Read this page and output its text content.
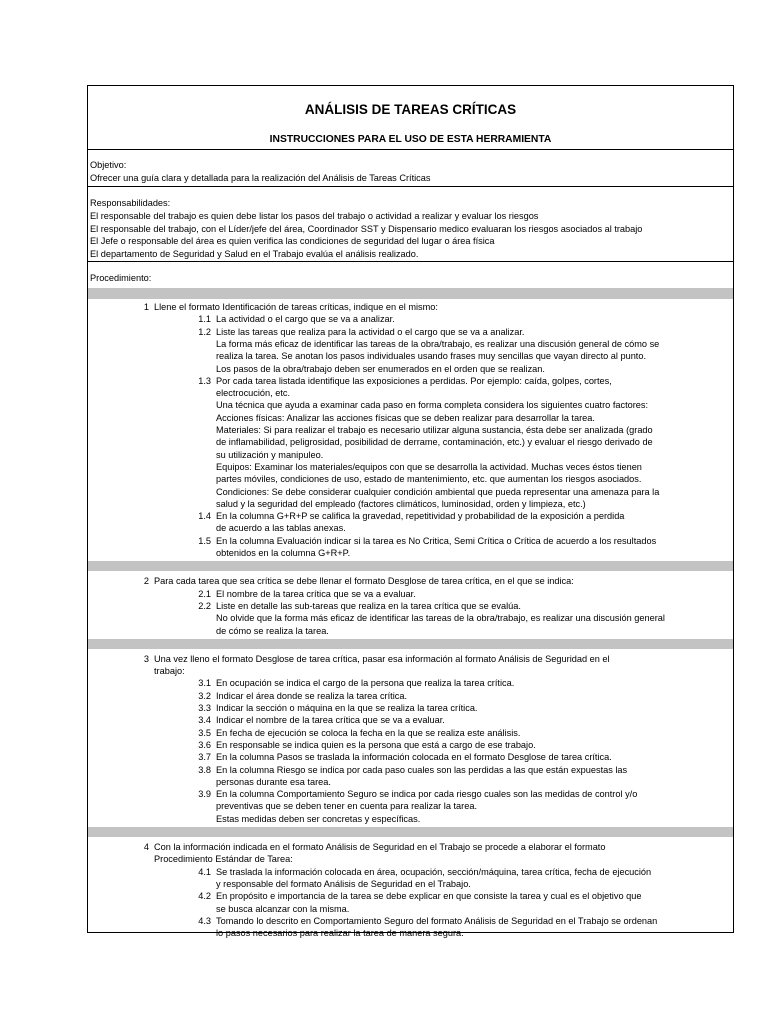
ANÁLISIS DE TAREAS CRÍTICAS
INSTRUCCIONES PARA EL USO DE ESTA HERRAMIENTA
Objetivo:
Ofrecer una guía clara y detallada para la realización del Análisis de Tareas Críticas
Responsabilidades:
El responsable del trabajo es quien debe listar los pasos del trabajo o actividad a realizar y evaluar los riesgos
El responsable del trabajo, con el Líder/jefe del área, Coordinador SST y Dispensario medico evaluaran los riesgos asociados al trabajo
El Jefe o responsable del área es quien verifica las condiciones de seguridad del lugar o área física
El departamento de Seguridad y Salud en el Trabajo evalúa el análisis realizado.
Procedimiento:
1 Llene el formato Identificación de tareas críticas, indique en el mismo:
1.1 La actividad o el cargo que se va a analizar.
1.2 Liste las tareas que realiza para la actividad o el cargo que se va a analizar.
La forma más eficaz de identificar las tareas de la obra/trabajo, es realizar una discusión general de cómo se
realiza la tarea. Se anotan los pasos individuales usando frases muy sencillas que vayan directo al punto.
Los pasos de la obra/trabajo deben ser enumerados en el orden que se realizan.
1.3 Por cada tarea listada identifique las exposiciones a perdidas. Por ejemplo: caída, golpes, cortes,
electrocución, etc.
Una técnica que ayuda a examinar cada paso en forma completa considera los siguientes cuatro factores:
Acciones físicas: Analizar las acciones físicas que se deben realizar para desarrollar la tarea.
Materiales: Si para realizar el trabajo es necesario utilizar alguna sustancia, ésta debe ser analizada (grado
de inflamabilidad, peligrosidad, posibilidad de derrame, contaminación, etc.) y evaluar el riesgo derivado de
su utilización y manipuleo.
Equipos: Examinar los materiales/equipos con que se desarrolla la actividad. Muchas veces éstos tienen
partes móviles, condiciones de uso, estado de mantenimiento, etc. que aumentan los riesgos asociados.
Condiciones: Se debe considerar cualquier condición ambiental que pueda representar una amenaza para la
salud y la seguridad del empleado (factores climáticos, luminosidad, orden y limpieza, etc.)
1.4 En la columna G+R+P se califica la gravedad, repetitividad y probabilidad de la exposición a perdida
de acuerdo a las tablas anexas.
1.5 En la columna Evaluación indicar si la tarea es No Critica, Semi Crítica o Crítica de acuerdo a los resultados
obtenidos en la columna G+R+P.
2 Para cada tarea que sea crítica se debe llenar el formato Desglose de tarea crítica, en el que se indica:
2.1 El nombre de la tarea crítica que se va a evaluar.
2.2 Liste en detalle las sub-tareas que realiza en la tarea crítica que se evalúa.
No olvide que la forma más eficaz de identificar las tareas de la obra/trabajo, es realizar una discusión general
de cómo se realiza la tarea.
3 Una vez lleno el formato Desglose de tarea crítica, pasar esa información al formato Análisis de Seguridad en el
trabajo:
3.1 En ocupación se indica el cargo de la persona que realiza la tarea crítica.
3.2 Indicar el área donde se realiza la tarea crítica.
3.3 Indicar la sección o máquina en la que se realiza la tarea crítica.
3.4 Indicar el nombre de la tarea crítica que se va a evaluar.
3.5 En fecha de ejecución se coloca la fecha en la que se realiza este análisis.
3.6 En responsable se indica quien es la persona que está a cargo de ese trabajo.
3.7 En la columna Pasos se traslada la información colocada en el formato Desglose de tarea crítica.
3.8 En la columna Riesgo se indica por cada paso cuales son las perdidas a las que están expuestas las
personas durante esa tarea.
3.9 En la columna Comportamiento Seguro se indica por cada riesgo cuales son las medidas de control y/o
preventivas que se deben tener en cuenta para realizar la tarea.
Estas medidas deben ser concretas y específicas.
4 Con la información indicada en el formato Análisis de Seguridad en el Trabajo se procede a elaborar el formato
Procedimiento Estándar de Tarea:
4.1 Se traslada la información colocada en área, ocupación, sección/máquina, tarea crítica, fecha de ejecución
y responsable del formato Análisis de Seguridad en el Trabajo.
4.2 En propósito e importancia de la tarea se debe explicar en que consiste la tarea y cual es el objetivo que
se busca alcanzar con la misma.
4.3 Tomando lo descrito en Comportamiento Seguro del formato Análisis de Seguridad en el Trabajo se ordenan
lo pasos necesarios para realizar la tarea de manera segura.
